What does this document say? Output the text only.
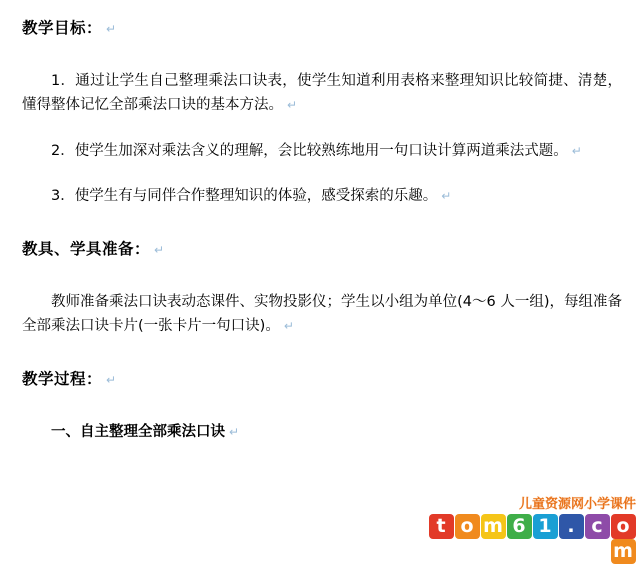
教学目标： ↵
1．通过让学生自己整理乘法口诀表，使学生知道利用表格来整理知识比较简捷、清楚，懂得整体记忆全部乘法口诀的基本方法。 ↵
2．使学生加深对乘法含义的理解，会比较熟练地用一句口诀计算两道乘法式题。 ↵
3．使学生有与同伴合作整理知识的体验，感受探索的乐趣。 ↵
教具、学具准备： ↵
教师准备乘法口诀表动态课件、实物投影仪；学生以小组为单位(4～6 人一组)，每组准备全部乘法口诀卡片(一张卡片一句口诀)。 ↵
教学过程： ↵
一、自主整理全部乘法口诀 ↵
儿童资源网小学课件
t o m 6 1 . c om
